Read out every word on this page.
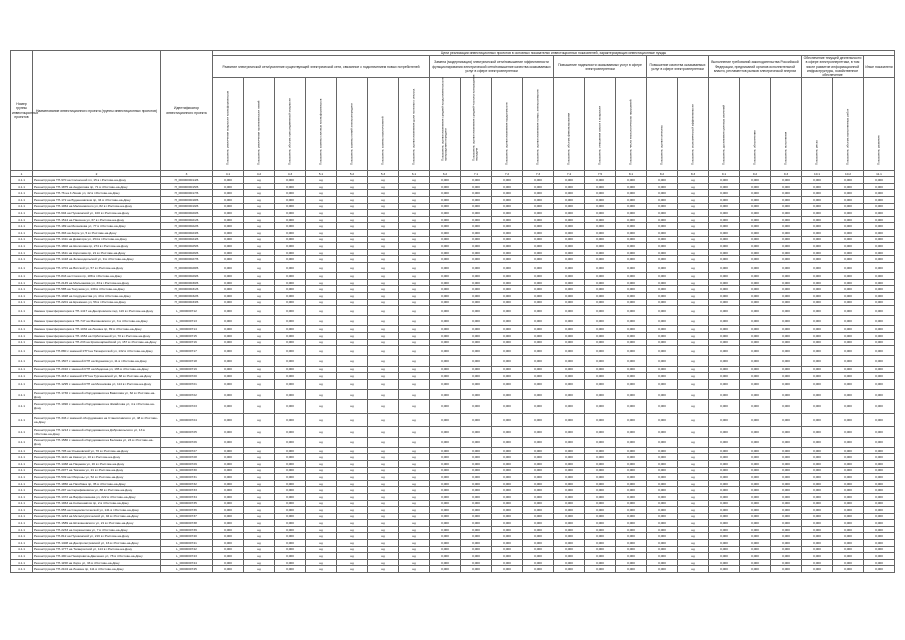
Номер группы инвестиционных проектов	Наименование инвестиционного проекта (группы инвестиционных проектов)	Идентификатор инвестиционного проекта	Цели реализации инвестиционных проектов в основных показателях инвестиционных показателей, характеризующих инвестиционные нужды																					
			Развитие электрической сети/усиление существующей электрической сети, связанное с подключением новых потребителей							Замена (модернизация) электрической сети/повышение эффективности функционирования электрической сети/повышение качества оказываемых услуг в сфере электроэнергетики				Повышение надежности оказываемых услуг в сфере электроэнергетики			Повышение качества оказываемых услуг в сфере электроэнергетики		Выполнение требований законодательства Российской Федерации, предписаний органов исполнительной власти, регламентов рынков электрической энергии			Обеспечение текущей деятельности в сфере электроэнергетики, в том числе развитие информационной инфраструктуры, хозяйственное обеспечение		Иные показатели

			Показатель увеличения мощности трансформаторов	Показатель увеличения протяженности линий	Показатель объема присоединяемой мощности	Показатель замены силовых трансформаторов	Показатель замены линий электропередачи	Показатель замены выключателей	Показатель оценки изменения доли полезного отпуска	Показатель оценки изменения средней продолжительности прекращения передачи	Показатель оценки изменения средней частоты прекращения передачи	Показатель оценки изменения трудоемкости	Показатель оценки изменения потерь электроэнергии	Показатель объема финансирования	Показатель отношения затрат к мощности	Показатель числа технологических нарушений	Показатель оценки качества	Показатель экономической эффективности	Показатель достижения целевых значений	Показатель обеспечения	Показатель исполнения	Показатель риска	Показатель объема выполненных работ	Показатель развития

1	2	3	4.1	4.2	4.3	5.1	5.2	5.3	6.1	6.2	7.1	7.2	7.3	7.4	7.5	8.1	8.2	8.3	9.1	9.2	9.3	10.1	10.2	11.1
4.1.1	Реконструкция ТП-970 на Солнечной пл, 15 в г.Ростове-на-Дону	H_0000000014/6	0,000	нд	0,000	нд	нд	нд	нд	0,000	0,000	0,000	0,000	0,000	0,000	0,000	0,000	нд	0,000	0,000	0,000	0,000	0,000	0,000
4.1.1	Реконструкция ТП-1875 на Андропова пр, 71 в г.Ростове-на-Дону	H_0000000015/6	0,000	нд	0,000	нд	нд	нд	нд	0,000	0,000	0,000	0,000	0,000	0,000	0,000	0,000	нд	0,000	0,000	0,000	0,000	0,000	0,000
4.1.1	Реконструкция ТП-76 на 4 Линии ул, 42 в г.Ростове-на-Дону	H_0000000017/6	0,000	нд	0,000	нд	нд	нд	нд	0,000	0,000	0,000	0,000	0,000	0,000	0,000	0,000	нд	0,000	0,000	0,000	0,000	0,000	0,000
4.1.1	Реконструкция ТП-172 на Буденновском пр, 34 в г.Ростове-на-Дону	H_0000000018/6	0,000	нд	0,000	нд	нд	нд	нд	0,000	0,000	0,000	0,000	0,000	0,000	0,000	0,000	нд	0,000	0,000	0,000	0,000	0,000	0,000
4.1.1	Реконструкция ТП-1064 на Малиновского ул, 82 в г.Ростове-на-Дону	H_0000000019/6	0,000	нд	0,000	нд	нд	нд	нд	0,000	0,000	0,000	0,000	0,000	0,000	0,000	0,000	нд	0,000	0,000	0,000	0,000	0,000	0,000
4.1.1	Реконструкция ТП-604 на Пушкинской ул, 100 в г.Ростове-на-Дону	H_0000000020/6	0,000	нд	0,000	нд	нд	нд	нд	0,000	0,000	0,000	0,000	0,000	0,000	0,000	0,000	нд	0,000	0,000	0,000	0,000	0,000	0,000
4.1.1	Реконструкция ТП-1514 на Нансена ул, 67 в г.Ростове-на-Дону	H_0000000021/6	0,000	нд	0,000	нд	нд	нд	нд	0,000	0,000	0,000	0,000	0,000	0,000	0,000	0,000	нд	0,000	0,000	0,000	0,000	0,000	0,000
4.1.1	Реконструкция ТП-189 на Мечникова ул, 77 в г.Ростове-на-Дону	H_0000000022/6	0,000	нд	0,000	нд	нд	нд	нд	0,000	0,000	0,000	0,000	0,000	0,000	0,000	0,000	нд	0,000	0,000	0,000	0,000	0,000	0,000
4.1.1	Реконструкция ТП-393 на Зорге ул, 5 в г.Ростове-на-Дону	H_0000000023/6	0,000	нд	0,000	нд	нд	нд	нд	0,000	0,000	0,000	0,000	0,000	0,000	0,000	0,000	нд	0,000	0,000	0,000	0,000	0,000	0,000
4.1.1	Реконструкция ТП-1311 на Доватора ул, 154 в г.Ростове-на-Дону	H_0000000024/6	0,000	нд	0,000	нд	нд	нд	нд	0,000	0,000	0,000	0,000	0,000	0,000	0,000	0,000	нд	0,000	0,000	0,000	0,000	0,000	0,000
4.1.1	Реконструкция ТП-1802 на Шолохова пр, 274 в г.Ростове-на-Дону	H_0000000025/6	0,000	нд	0,000	нд	нд	нд	нд	0,000	0,000	0,000	0,000	0,000	0,000	0,000	0,000	нд	0,000	0,000	0,000	0,000	0,000	0,000
4.1.1	Реконструкция ТП-1611 на Королева пр, 21 в г.Ростове-на-Дону	H_0000000026/6	0,000	нд	0,000	нд	нд	нд	нд	0,000	0,000	0,000	0,000	0,000	0,000	0,000	0,000	нд	0,000	0,000	0,000	0,000	0,000	0,000
4.1.1	Реконструкция ТП-1418 на Зеленодольской ул, 9 в г.Ростове-на-Дону	H_0000000027/6	0,000	нд	0,000	нд	нд	нд	нд	0,000	0,000	0,000	0,000	0,000	0,000	0,000	0,000	нд	0,000	0,000	0,000	0,000	0,000	0,000
4.1.1	Реконструкция ТП-1701 на Вятской ул, 57 в г.Ростове-на-Дону	H_0000000028/6	0,000	нд	0,000	нд	нд	нд	нд	0,000	0,000	0,000	0,000	0,000	0,000	0,000	0,000	нд	0,000	0,000	0,000	0,000	0,000	0,000
4.1.1	Реконструкция ТП-843 на Стачки пр, 188 в г.Ростове-на-Дону	H_0000000029/6	0,000	нд	0,000	нд	нд	нд	нд	0,000	0,000	0,000	0,000	0,000	0,000	0,000	0,000	нд	0,000	0,000	0,000	0,000	0,000	0,000
4.1.1	Реконструкция ТП-2145 на Мильчакова ул, 33 в г.Ростове-на-Дону	H_0000000030/6	0,000	нд	0,000	нд	нд	нд	нд	0,000	0,000	0,000	0,000	0,000	0,000	0,000	0,000	нд	0,000	0,000	0,000	0,000	0,000	0,000
4.1.1	Реконструкция ТП-585 на Текучева ул, 139 в г.Ростове-на-Дону	H_0000000031/6	0,000	нд	0,000	нд	нд	нд	нд	0,000	0,000	0,000	0,000	0,000	0,000	0,000	0,000	нд	0,000	0,000	0,000	0,000	0,000	0,000
4.1.1	Реконструкция ТП-1928 на Содружества ул, 43 в г.Ростове-на-Дону	H_0000000032/6	0,000	нд	0,000	нд	нд	нд	нд	0,000	0,000	0,000	0,000	0,000	0,000	0,000	0,000	нд	0,000	0,000	0,000	0,000	0,000	0,000
4.1.1	Реконструкция ТП-2201 на Еременко ул, 56 в г.Ростове-на-Дону	H_0000000033/6	0,000	нд	0,000	нд	нд	нд	нд	0,000	0,000	0,000	0,000	0,000	0,000	0,000	0,000	нд	0,000	0,000	0,000	0,000	0,000	0,000
4.1.1	Замена трансформаторов в ТП-1417 на Днепровском пер, 116 в г.Ростове-на-Дону	L_0000000712	0,000	нд	0,000	нд	нд	нд	нд	0,000	0,000	0,000	0,000	0,000	0,000	0,000	0,000	нд	0,000	0,000	0,000	0,000	0,000	0,000
4.1.1	Замена трансформаторов в ТП-747 на Малиновского ул, 3 в г.Ростове-на-Дону	L_0000000713	0,000	нд	0,000	нд	нд	нд	нд	0,000	0,000	0,000	0,000	0,000	0,000	0,000	0,000	нд	0,000	0,000	0,000	0,000	0,000	0,000
4.1.1	Замена трансформаторов в ТП-1032 на Ленина пр, 89 в г.Ростове-на-Дону	L_0000000714	0,000	нд	0,000	нд	нд	нд	нд	0,000	0,000	0,000	0,000	0,000	0,000	0,000	0,000	нд	0,000	0,000	0,000	0,000	0,000	0,000
4.1.1	Замена трансформаторов в ТП-1654 на Орбитальной ул, 70 в г.Ростове-на-Дону	L_0000000715	0,000	нд	0,000	нд	нд	нд	нд	0,000	0,000	0,000	0,000	0,000	0,000	0,000	0,000	нд	0,000	0,000	0,000	0,000	0,000	0,000
4.1.1	Замена трансформаторов в ТП-233 на Красноармейской ул, 157 в г.Ростове-на-Дону	L_0000000716	0,000	нд	0,000	нд	нд	нд	нд	0,000	0,000	0,000	0,000	0,000	0,000	0,000	0,000	нд	0,000	0,000	0,000	0,000	0,000	0,000
4.1.1	Реконструкция ТП-880 с заменой КТП на Таганрогской ул, 132 в г.Ростове-на-Дону	L_0000000717	0,000	нд	0,000	нд	нд	нд	нд	0,000	0,000	0,000	0,000	0,000	0,000	0,000	0,000	нд	0,000	0,000	0,000	0,000	0,000	0,000
4.1.1	Реконструкция ТП-1507 с заменой КТП на Жданова ул, 11 в г.Ростове-на-Дону	L_0000000718	0,000	нд	0,000	нд	нд	нд	нд	0,000	0,000	0,000	0,000	0,000	0,000	0,000	0,000	нд	0,000	0,000	0,000	0,000	0,000	0,000
4.1.1	Реконструкция ТП-2010 с заменой КТП на Мадояна ул, 165 в г.Ростове-на-Дону	L_0000000719	0,000	нд	0,000	нд	нд	нд	нд	0,000	0,000	0,000	0,000	0,000	0,000	0,000	0,000	нд	0,000	0,000	0,000	0,000	0,000	0,000
4.1.1	Реконструкция ТП-418 с заменой КТП на Тургеневской ул, 68 в г.Ростове-на-Дону	L_0000000720	0,000	нд	0,000	нд	нд	нд	нд	0,000	0,000	0,000	0,000	0,000	0,000	0,000	0,000	нд	0,000	0,000	0,000	0,000	0,000	0,000
4.1.1	Реконструкция ТП-1295 с заменой КТП на Мечникова ул, 114 в г.Ростове-на-Дону	L_0000000721	0,000	нд	0,000	нд	нд	нд	нд	0,000	0,000	0,000	0,000	0,000	0,000	0,000	0,000	нд	0,000	0,000	0,000	0,000	0,000	0,000
4.1.1	Реконструкция ТП-1736 с заменой оборудования на Вавилова ул, 62 в г.Ростове-на-Дону	L_0000000722	0,000	нд	0,000	нд	нд	нд	нд	0,000	0,000	0,000	0,000	0,000	0,000	0,000	0,000	нд	0,000	0,000	0,000	0,000	0,000	0,000
4.1.1	Реконструкция ТП-1990 с заменой оборудования на Жмайлова ул, 4 в г.Ростове-на-Дону	L_0000000723	0,000	нд	0,000	нд	нд	нд	нд	0,000	0,000	0,000	0,000	0,000	0,000	0,000	0,000	нд	0,000	0,000	0,000	0,000	0,000	0,000
4.1.1	Реконструкция ТП-346 с заменой оборудования на Станиславского ул, 48 в г.Ростове-на-Дону	L_0000000724	0,000	нд	0,000	нд	нд	нд	нд	0,000	0,000	0,000	0,000	0,000	0,000	0,000	0,000	нд	0,000	0,000	0,000	0,000	0,000	0,000
4.1.1	Реконструкция ТП-1213 с заменой оборудования на Добровольского ул, 13 в г.Ростове-на-Дону	L_0000000725	0,000	нд	0,000	нд	нд	нд	нд	0,000	0,000	0,000	0,000	0,000	0,000	0,000	0,000	нд	0,000	0,000	0,000	0,000	0,000	0,000
4.1.1	Реконструкция ТП-1580 с заменой оборудования на Беляева ул, 24 в г.Ростове-на-Дону	L_0000000726	0,000	нд	0,000	нд	нд	нд	нд	0,000	0,000	0,000	0,000	0,000	0,000	0,000	0,000	нд	0,000	0,000	0,000	0,000	0,000	0,000
4.1.1	Реконструкция ТП-705 на Ульяновской ул, 70 в г.Ростове-на-Дону	L_0000000727	0,000	нд	0,000	нд	нд	нд	нд	0,000	0,000	0,000	0,000	0,000	0,000	0,000	0,000	нд	0,000	0,000	0,000	0,000	0,000	0,000
4.1.1	Реконструкция ТП-1121 на Каяни ул, 10 в г.Ростове-на-Дону	L_0000000728	0,000	нд	0,000	нд	нд	нд	нд	0,000	0,000	0,000	0,000	0,000	0,000	0,000	0,000	нд	0,000	0,000	0,000	0,000	0,000	0,000
4.1.1	Реконструкция ТП-1468 на Пацаева ул, 16 в г.Ростове-на-Дону	L_0000000729	0,000	нд	0,000	нд	нд	нд	нд	0,000	0,000	0,000	0,000	0,000	0,000	0,000	0,000	нд	0,000	0,000	0,000	0,000	0,000	0,000
4.1.1	Реконструкция ТП-2077 на Ткачева ул, 21 в г.Ростове-на-Дону	L_0000000730	0,000	нд	0,000	нд	нд	нд	нд	0,000	0,000	0,000	0,000	0,000	0,000	0,000	0,000	нд	0,000	0,000	0,000	0,000	0,000	0,000
4.1.1	Реконструкция ТП-539 на Обороны ул, 52 в г.Ростове-на-Дону	L_0000000731	0,000	нд	0,000	нд	нд	нд	нд	0,000	0,000	0,000	0,000	0,000	0,000	0,000	0,000	нд	0,000	0,000	0,000	0,000	0,000	0,000
4.1.1	Реконструкция ТП-1850 на Нагибина пр, 35 в г.Ростове-на-Дону	L_0000000732	0,000	нд	0,000	нд	нд	нд	нд	0,000	0,000	0,000	0,000	0,000	0,000	0,000	0,000	нд	0,000	0,000	0,000	0,000	0,000	0,000
4.1.1	Реконструкция ТП-297 на Серафимовича ул, 88 в г.Ростове-на-Дону	L_0000000733	0,000	нд	0,000	нд	нд	нд	нд	0,000	0,000	0,000	0,000	0,000	0,000	0,000	0,000	нд	0,000	0,000	0,000	0,000	0,000	0,000
4.1.1	Реконструкция ТП-1372 на Варфоломеева ул, 222 в г.Ростове-на-Дону	L_0000000734	0,000	нд	0,000	нд	нд	нд	нд	0,000	0,000	0,000	0,000	0,000	0,000	0,000	0,000	нд	0,000	0,000	0,000	0,000	0,000	0,000
4.1.1	Реконструкция ТП-1963 на Космонавтов пр, 2 в г.Ростове-на-Дону	L_0000000735	0,000	нд	0,000	нд	нд	нд	нд	0,000	0,000	0,000	0,000	0,000	0,000	0,000	0,000	нд	0,000	0,000	0,000	0,000	0,000	0,000
4.1.1	Реконструкция ТП-655 на Социалистической ул, 141 в г.Ростове-на-Дону	L_0000000736	0,000	нд	0,000	нд	нд	нд	нд	0,000	0,000	0,000	0,000	0,000	0,000	0,000	0,000	нд	0,000	0,000	0,000	0,000	0,000	0,000
4.1.1	Реконструкция ТП-1244 на Металлургической ул, 94 в г.Ростове-на-Дону	L_0000000737	0,000	нд	0,000	нд	нд	нд	нд	0,000	0,000	0,000	0,000	0,000	0,000	0,000	0,000	нд	0,000	0,000	0,000	0,000	0,000	0,000
4.1.1	Реконструкция ТП-1589 на Штахановского ул, 21 в г.Ростове-на-Дону	L_0000000738	0,000	нд	0,000	нд	нд	нд	нд	0,000	0,000	0,000	0,000	0,000	0,000	0,000	0,000	нд	0,000	0,000	0,000	0,000	0,000	0,000
4.1.1	Реконструкция ТП-2233 на Сержантова ул, 7 в г.Ростове-на-Дону	L_0000000739	0,000	нд	0,000	нд	нд	нд	нд	0,000	0,000	0,000	0,000	0,000	0,000	0,000	0,000	нд	0,000	0,000	0,000	0,000	0,000	0,000
4.1.1	Реконструкция ТП-812 на Пушкинской ул, 216 в г.Ростове-на-Дону	L_0000000740	0,000	нд	0,000	нд	нд	нд	нд	0,000	0,000	0,000	0,000	0,000	0,000	0,000	0,000	нд	0,000	0,000	0,000	0,000	0,000	0,000
4.1.1	Реконструкция ТП-1408 на Днепропетровской ул, 16 в г.Ростове-на-Дону	L_0000000741	0,000	нд	0,000	нд	нд	нд	нд	0,000	0,000	0,000	0,000	0,000	0,000	0,000	0,000	нд	0,000	0,000	0,000	0,000	0,000	0,000
4.1.1	Реконструкция ТП-1777 на Таганрогской ул, 114 в г.Ростове-на-Дону	L_0000000742	0,000	нд	0,000	нд	нд	нд	нд	0,000	0,000	0,000	0,000	0,000	0,000	0,000	0,000	нд	0,000	0,000	0,000	0,000	0,000	0,000
4.1.1	Реконструкция ТП-490 на Немировича-Данченко ул, 78 в г.Ростове-на-Дону	L_0000000743	0,000	нд	0,000	нд	нд	нд	нд	0,000	0,000	0,000	0,000	0,000	0,000	0,000	0,000	нд	0,000	0,000	0,000	0,000	0,000	0,000
4.1.1	Реконструкция ТП-1158 на Зорге ул, 33 в г.Ростове-на-Дону	L_0000000744	0,000	нд	0,000	нд	нд	нд	нд	0,000	0,000	0,000	0,000	0,000	0,000	0,000	0,000	нд	0,000	0,000	0,000	0,000	0,000	0,000
4.1.1	Реконструкция ТП-2104 на Ленина пр, 111 в г.Ростове-на-Дону	L_0000000745	0,000	нд	0,000	нд	нд	нд	нд	0,000	0,000	0,000	0,000	0,000	0,000	0,000	0,000	нд	0,000	0,000	0,000	0,000	0,000	0,000
